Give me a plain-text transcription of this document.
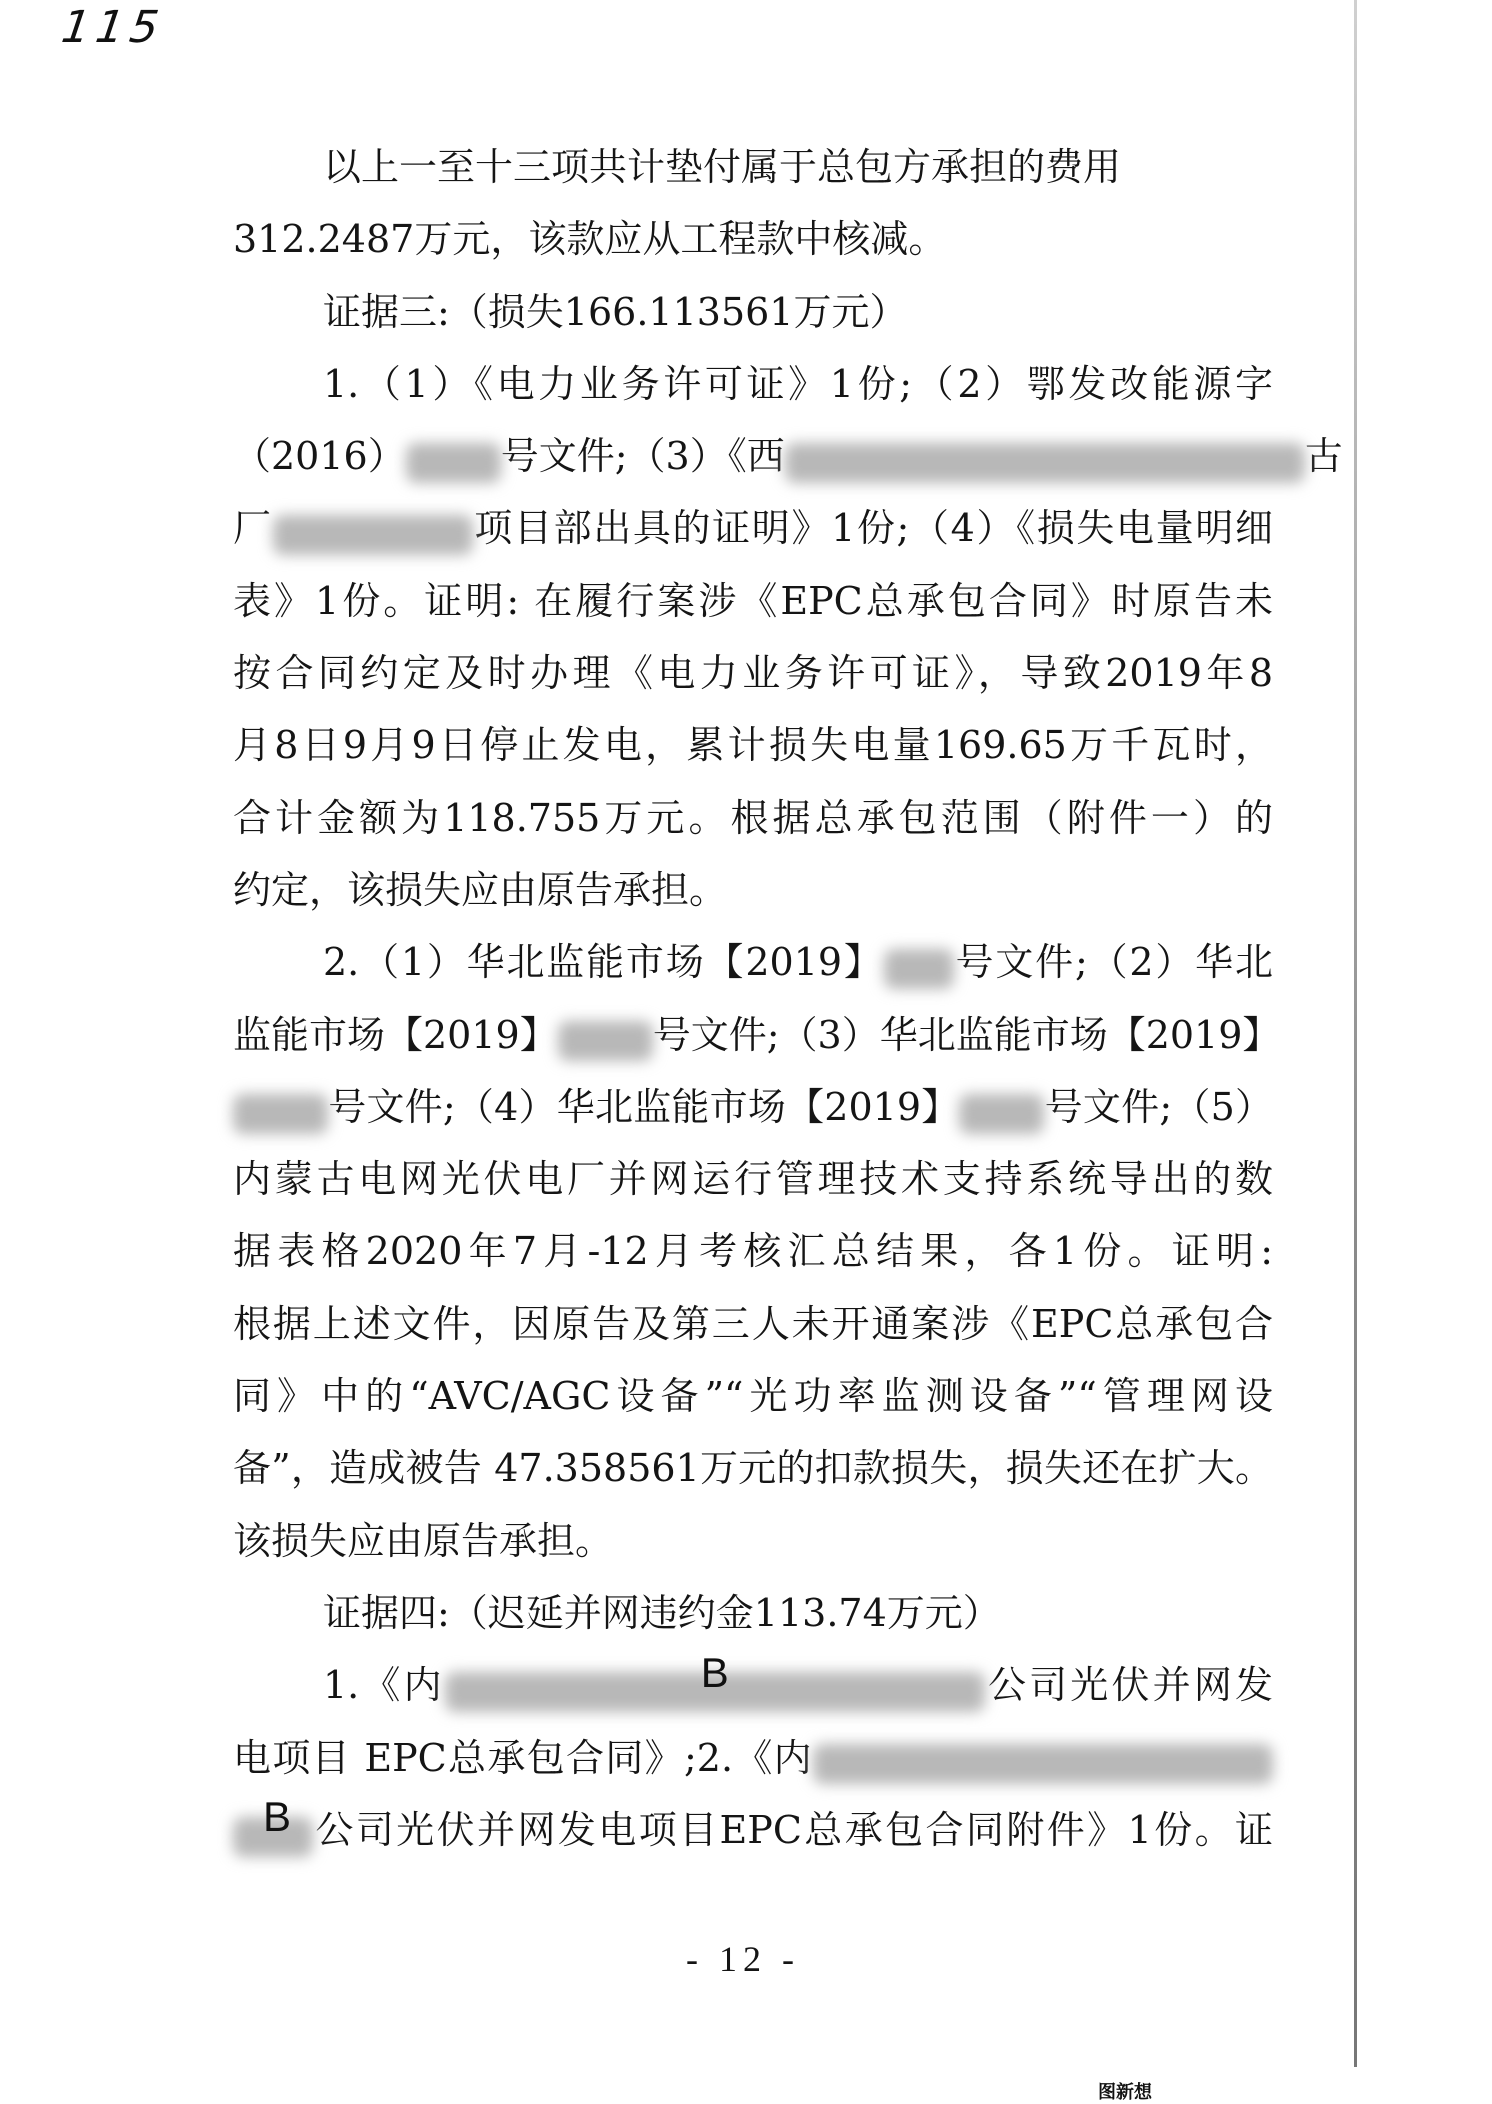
115
以上一至十三项共计垫付属于总包方承担的费用
312.2487万元，该款应从工程款中核减。
证据三:（损失166.113561万元）
1.（1）《电力业务许可证》1份;（2）鄂发改能源字
（2016）	号文件;（3）《西	古
厂	项目部出具的证明》1份;（4）《损失电量明细
表》1份。证明: 在履行案涉《EPC总承包合同》时原告未
按合同约定及时办理《电力业务许可证》，导致2019年8
月8日9月9日停止发电，累计损失电量169.65万千瓦时，
合计金额为118.755万元。根据总承包范围（附件一）的
约定，该损失应由原告承担。
2.（1）华北监能市场【2019】 号文件;（2）华北
监能市场【2019】	号文件;（3）华北监能市场【2019】
号文件;（4）华北监能市场【2019】 号文件;（5）
内蒙古电网光伏电厂并网运行管理技术支持系统导出的数
据表格2020年7月-12月考核汇总结果，各1份。证明:
根据上述文件，因原告及第三人未开通案涉《EPC总承包合
同》中的“AVC/AGC设备”“光功率监测设备”“管理网设
备”，造成被告 47.358561万元的扣款损失，损失还在扩大。
该损失应由原告承担。
证据四:（迟延并网违约金113.74万元）
1.《内	B	公司光伏并网发
电项目 EPC总承包合同》;2.《内
B 公司光伏并网发电项目EPC总承包合同附件》1份。证
- 12 -
图新想
